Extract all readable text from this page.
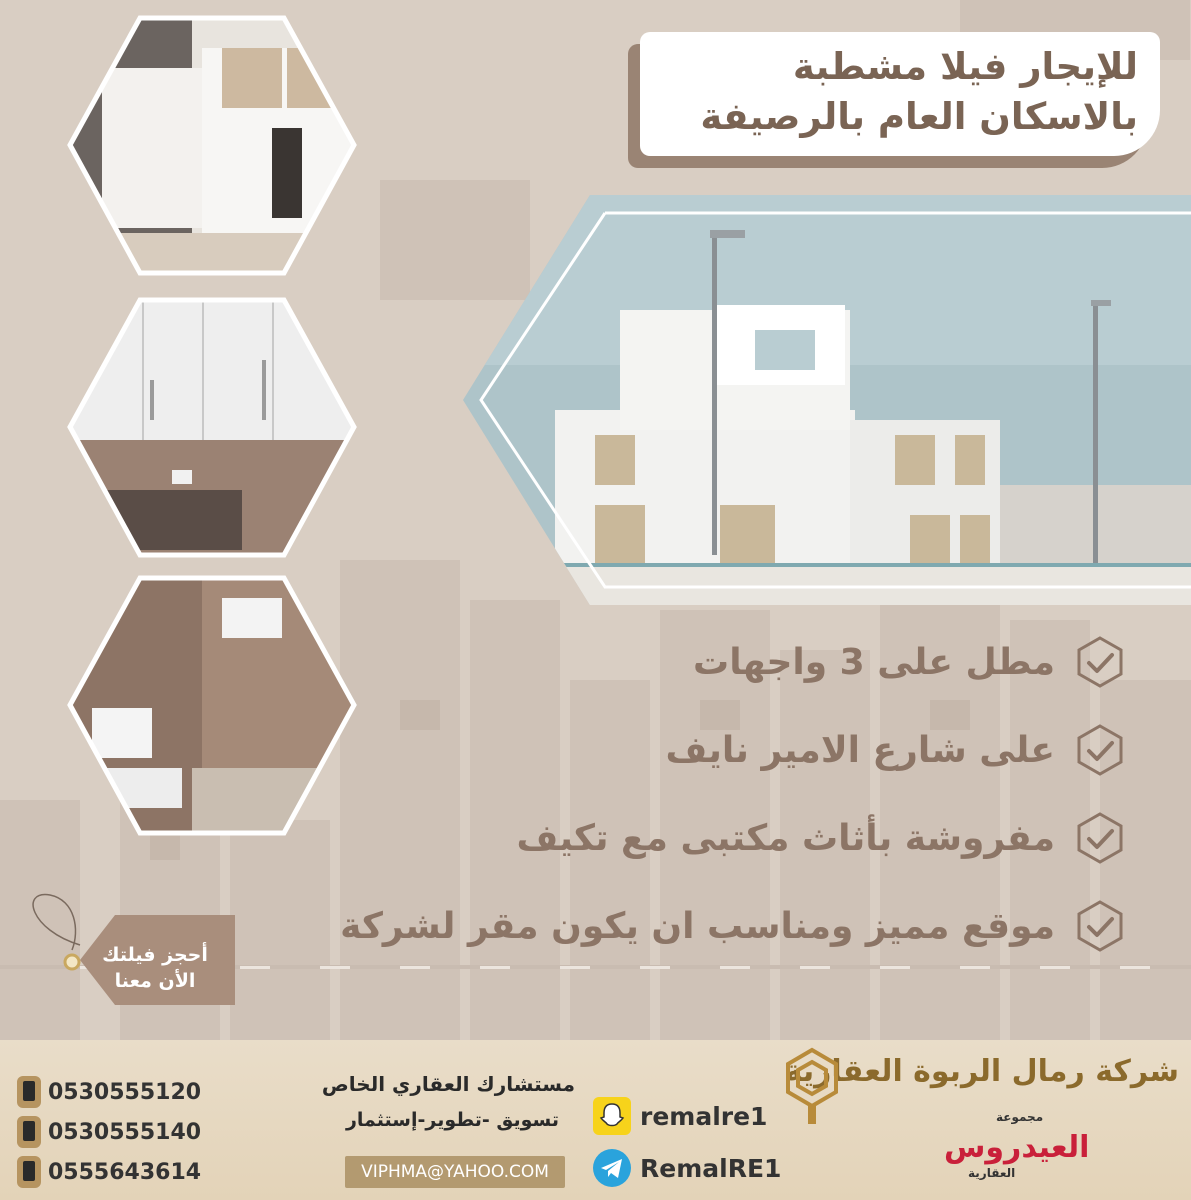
للإيجار فيلا مشطبة
بالاسكان العام بالرصيفة
مطل على 3 واجهات
على شارع الامير نايف
مفروشة بأثاث مكتبى مع تكيف
موقع مميز ومناسب ان يكون مقر لشركة
أحجز فيلتك
الأن معنا
0530555120
0530555140
0555643614
مستشارك العقاري الخاص
تسويق -تطوير-إستثمار
VIPHMA@YAHOO.COM
remalre1
RemalRE1
شركة رمال الربوة العقارية
مجموعة
العيدروس
العقارية
